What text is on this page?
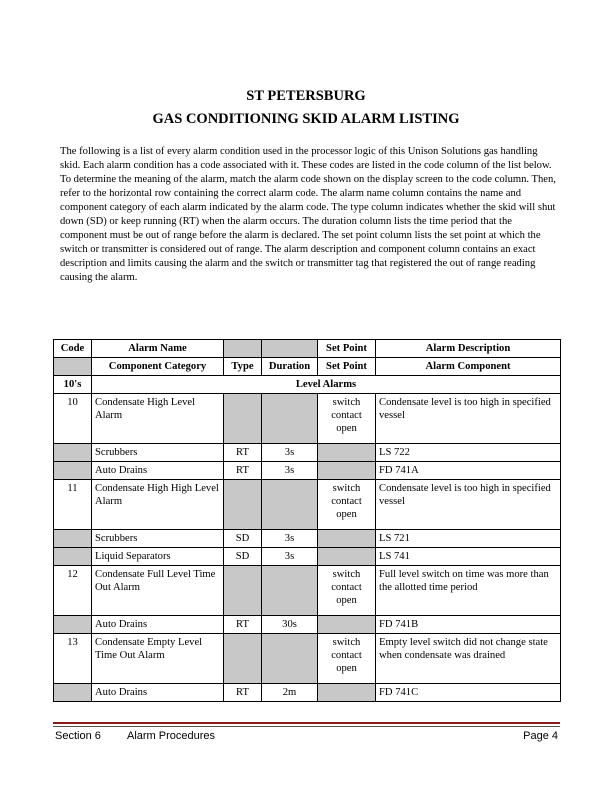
ST PETERSBURG
GAS CONDITIONING SKID ALARM LISTING
The following is a list of every alarm condition used in the processor logic of this Unison Solutions gas handling skid. Each alarm condition has a code associated with it. These codes are listed in the code column of the list below. To determine the meaning of the alarm, match the alarm code shown on the display screen to the code column. Then, refer to the horizontal row containing the correct alarm code. The alarm name column contains the name and component category of each alarm indicated by the alarm code. The type column indicates whether the skid will shut down (SD) or keep running (RT) when the alarm occurs. The duration column lists the time period that the component must be out of range before the alarm is declared. The set point column lists the set point at which the switch or transmitter is considered out of range. The alarm description and component column contains an exact description and limits causing the alarm and the switch or transmitter tag that registered the out of range reading causing the alarm.
Code	Alarm Name			Set Point	Alarm Description
	Component Category	Type	Duration	Set Point	Alarm Component
10's	Level Alarms				
10	Condensate High Level Alarm			switch contact open	Condensate level is too high in specified vessel
	Scrubbers	RT	3s		LS 722
	Auto Drains	RT	3s		FD 741A
11	Condensate High High Level Alarm			switch contact open	Condensate level is too high in specified vessel
	Scrubbers	SD	3s		LS 721
	Liquid Separators	SD	3s		LS 741
12	Condensate Full Level Time Out Alarm			switch contact open	Full level switch on time was more than the allotted time period
	Auto Drains	RT	30s		FD 741B
13	Condensate Empty Level Time Out Alarm			switch contact open	Empty level switch did not change state when condensate was drained
	Auto Drains	RT	2m		FD 741C
Section 6 Alarm Procedures	Page 4
